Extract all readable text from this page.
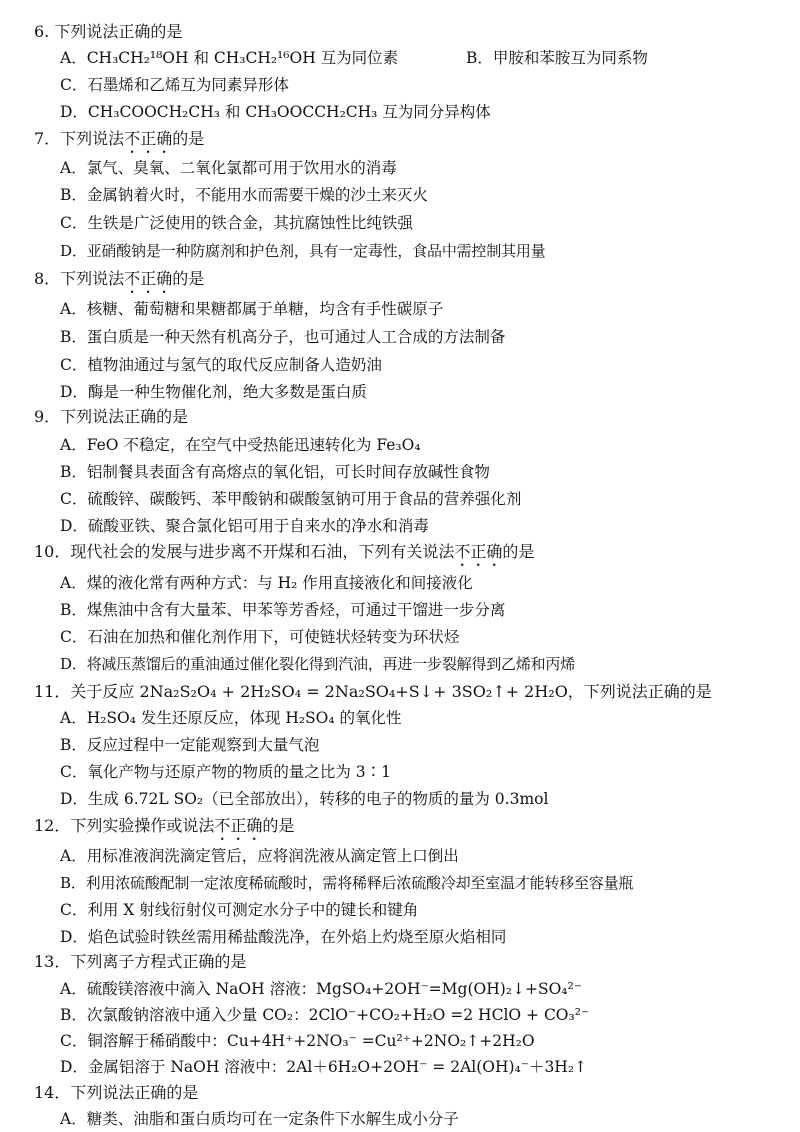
6. 下列说法正确的是
A．CH₃CH₂¹⁸OH 和 CH₃CH₂¹⁶OH 互为同位素	B．甲胺和苯胺互为同系物
C．石墨烯和乙烯互为同素异形体
D．CH₃COOCH₂CH₃ 和 CH₃OOCCH₂CH₃ 互为同分异构体
7．下列说法不正确的是
A．氯气、臭氧、二氧化氯都可用于饮用水的消毒
B．金属钠着火时，不能用水而需要干燥的沙土来灭火
C．生铁是广泛使用的铁合金，其抗腐蚀性比纯铁强
D．亚硝酸钠是一种防腐剂和护色剂，具有一定毒性，食品中需控制其用量
8．下列说法不正确的是
A．核糖、葡萄糖和果糖都属于单糖，均含有手性碳原子
B．蛋白质是一种天然有机高分子，也可通过人工合成的方法制备
C．植物油通过与氢气的取代反应制备人造奶油
D．酶是一种生物催化剂，绝大多数是蛋白质
9．下列说法正确的是
A．FeO 不稳定，在空气中受热能迅速转化为 Fe₃O₄
B．铝制餐具表面含有高熔点的氧化铝，可长时间存放碱性食物
C．硫酸锌、碳酸钙、苯甲酸钠和碳酸氢钠可用于食品的营养强化剂
D．硫酸亚铁、聚合氯化铝可用于自来水的净水和消毒
10．现代社会的发展与进步离不开煤和石油，下列有关说法不正确的是
A．煤的液化常有两种方式：与 H₂ 作用直接液化和间接液化
B．煤焦油中含有大量苯、甲苯等芳香烃，可通过干馏进一步分离
C．石油在加热和催化剂作用下，可使链状烃转变为环状烃
D．将减压蒸馏后的重油通过催化裂化得到汽油，再进一步裂解得到乙烯和丙烯
11．关于反应 2Na₂S₂O₄ + 2H₂SO₄ = 2Na₂SO₄+S↓+ 3SO₂↑+ 2H₂O，下列说法正确的是
A．H₂SO₄ 发生还原反应，体现 H₂SO₄ 的氧化性
B．反应过程中一定能观察到大量气泡
C．氧化产物与还原产物的物质的量之比为 3∶1
D．生成 6.72L SO₂（已全部放出），转移的电子的物质的量为 0.3mol
12．下列实验操作或说法不正确的是
A．用标准液润洗滴定管后，应将润洗液从滴定管上口倒出
B．利用浓硫酸配制一定浓度稀硫酸时，需将稀释后浓硫酸冷却至室温才能转移至容量瓶
C．利用 X 射线衍射仪可测定水分子中的键长和键角
D．焰色试验时铁丝需用稀盐酸洗净，在外焰上灼烧至原火焰相同
13．下列离子方程式正确的是
A．硫酸镁溶液中滴入 NaOH 溶液：MgSO₄+2OH⁻=Mg(OH)₂↓+SO₄²⁻
B．次氯酸钠溶液中通入少量 CO₂：2ClO⁻+CO₂+H₂O =2 HClO + CO₃²⁻
C．铜溶解于稀硝酸中：Cu+4H⁺+2NO₃⁻ =Cu²⁺+2NO₂↑+2H₂O
D．金属铝溶于 NaOH 溶液中：2Al＋6H₂O+2OH⁻ = 2Al(OH)₄⁻＋3H₂↑
14．下列说法正确的是
A．糖类、油脂和蛋白质均可在一定条件下水解生成小分子
